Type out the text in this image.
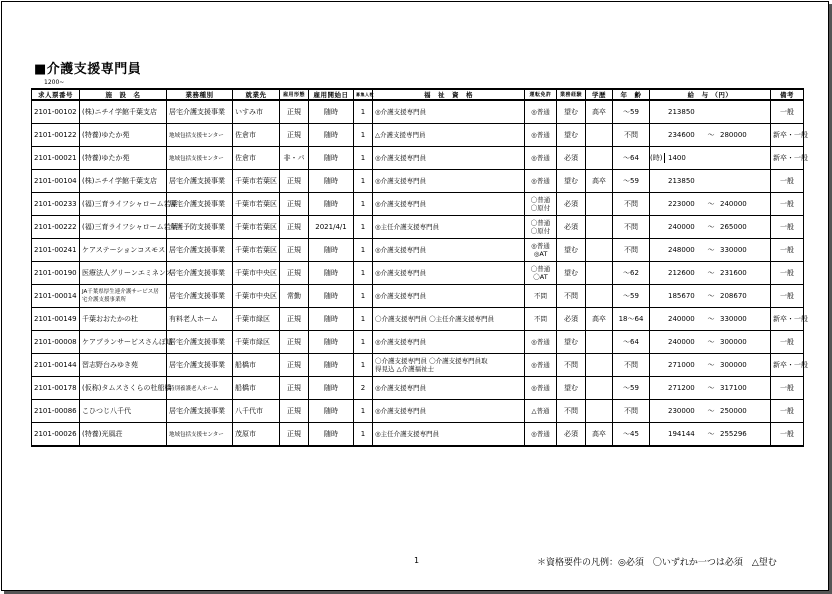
■介護支援専門員
1200~
求人票番号	施　設　名	業務種別	就業先	雇用形態	雇用開始日	募集人数	福　祉　資　格	運転免許	業務経験	学歴	年　齢	給　与 （円）	備考
2101-00102	(株)ニチイ学館千葉支店	居宅介護支援事業	いすみ市	正規	随時	1	◎介護支援専門員	◎普通	望む	高卒	～59	213850	一般
2101-00122	(特養)ゆたか苑	地域包括支援センター	佐倉市	正規	随時	1	△介護支援専門員	◎普通	望む		不問	234600 ～ 280000	新卒・一般
2101-00021	(特養)ゆたか苑	地域包括支援センター	佐倉市	非・パ	随時	1	◎介護支援専門員	◎普通	必須		～64	(時) 1400	新卒・一般
2101-00104	(株)ニチイ学館千葉支店	居宅介護支援事業	千葉市若葉区	正規	随時	1	◎介護支援専門員	◎普通	望む	高卒	～59	213850	一般
2101-00233	(福)三育ライフシャローム若葉	居宅介護支援事業	千葉市若葉区	正規	随時	1	◎介護支援専門員	〇普通
〇原付	必須		不問	223000 ～ 240000	一般
2101-00222	(福)三育ライフシャローム若葉	介護予防支援事業	千葉市若葉区	正規	2021/4/1	1	◎主任介護支援専門員	〇普通
〇原付	必須		不問	240000 ～ 265000	一般
2101-00241	ケアステーションコスモス	居宅介護支援事業	千葉市若葉区	正規	随時	1	◎介護支援専門員	◎普通
◎AT	望む		不問	248000 ～ 330000	一般
2101-00190	医療法人グリーンエミネンス	居宅介護支援事業	千葉市中央区	正規	随時	1	◎介護支援専門員	〇普通
〇AT	望む		～62	212600 ～ 231600	一般
2101-00014	JA千葉県厚生連介護サービス居宅介護支援事業所	居宅介護支援事業	千葉市中央区	常勤	随時	1	◎介護支援専門員	不問	不問		～59	185670 ～ 208670	一般
2101-00149	千葉おおたかの杜	有料老人ホーム	千葉市緑区	正規	随時	1	〇介護支援専門員 〇主任介護支援専門員	不問	必須	高卒	18～64	240000 ～ 330000	新卒・一般
2101-00008	ケアプランサービスさんぽ道	居宅介護支援事業	千葉市緑区	正規	随時	1	◎介護支援専門員	◎普通	望む		～64	240000 ～ 300000	一般
2101-00144	習志野台みゆき苑	居宅介護支援事業	船橋市	正規	随時	1	〇介護支援専門員 〇介護支援専門員取
得見込 △介護福祉士	◎普通	不問		不問	271000 ～ 300000	新卒・一般
2101-00178	(仮称)タムスさくらの杜船橋	特別養護老人ホーム	船橋市	正規	随時	2	◎介護支援専門員	◎普通	望む		～59	271200 ～ 317100	一般
2101-00086	こひつじ八千代	居宅介護支援事業	八千代市	正規	随時	1	◎介護支援専門員	△普通	不問		不問	230000 ～ 250000	一般
2101-00026	(特養)光風荘	地域包括支援センター	茂原市	正規	随時	1	◎主任介護支援専門員	◎普通	必須	高卒	～45	194144 ～ 255296	一般
1	＊資格要件の凡例：◎必須　〇いずれか一つは必須　△望む
